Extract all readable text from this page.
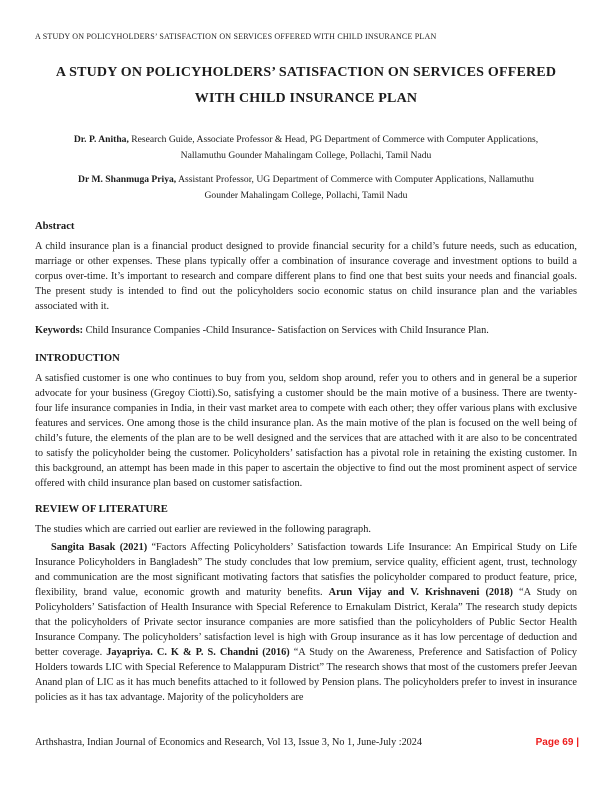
A STUDY ON POLICYHOLDERS’ SATISFACTION ON SERVICES OFFERED WITH CHILD INSURANCE PLAN
A STUDY ON POLICYHOLDERS’ SATISFACTION ON SERVICES OFFERED
WITH CHILD INSURANCE PLAN

Dr. P. Anitha, Research Guide, Associate Professor & Head, PG Department of Commerce with Computer Applications, Nallamuthu Gounder Mahalingam College, Pollachi, Tamil Nadu

Dr M. Shanmuga Priya, Assistant Professor, UG Department of Commerce with Computer Applications, Nallamuthu Gounder Mahalingam College, Pollachi, Tamil Nadu

Abstract

A child insurance plan is a financial product designed to provide financial security for a child’s future needs, such as education, marriage or other expenses. These plans typically offer a combination of insurance coverage and investment options to build a corpus over-time. It’s important to research and compare different plans to find one that best suits your needs and financial goals. The present study is intended to find out the policyholders socio economic status on child insurance plan and the variables associated with it.

Keywords: Child Insurance Companies -Child Insurance- Satisfaction on Services with Child Insurance Plan.

INTRODUCTION

A satisfied customer is one who continues to buy from you, seldom shop around, refer you to others and in general be a superior advocate for your business (Gregoy Ciotti).So, satisfying a customer should be the main motive of a business. There are twenty-four life insurance companies in India, in their vast market area to compete with each other; they offer various plans with exclusive features and services. One among those is the child insurance plan. As the main motive of the plan is focused on the well being of child’s future, the elements of the plan are to be well designed and the services that are attached with it are also to be concentrated to satisfy the policyholder being the customer. Policyholders’ satisfaction has a pivotal role in retaining the existing customer. In this background, an attempt has been made in this paper to ascertain the objective to find out the most prominent aspect of service offered with child insurance plan based on customer satisfaction.

REVIEW OF LITERATURE

The studies which are carried out earlier are reviewed in the following paragraph.

Sangita Basak (2021) “Factors Affecting Policyholders’ Satisfaction towards Life Insurance: An Empirical Study on Life Insurance Policyholders in Bangladesh” The study concludes that low premium, service quality, efficient agent, trust, technology and communication are the most significant motivating factors that satisfies the policyholder compared to product feature, price, flexibility, brand value, economic growth and maturity benefits. Arun Vijay and V. Krishnaveni (2018) “A Study on Policyholders’ Satisfaction of Health Insurance with Special Reference to Ernakulam District, Kerala” The research study depicts that the policyholders of Private sector insurance companies are more satisfied than the policyholders of Public Sector Health Insurance Company. The policyholders’ satisfaction level is high with Group insurance as it has low percentage of deduction and better coverage. Jayapriya. C. K & P. S. Chandni (2016) “A Study on the Awareness, Preference and Satisfaction of Policy Holders towards LIC with Special Reference to Malappuram District” The research shows that most of the customers prefer Jeevan Anand plan of LIC as it has much benefits attached to it followed by Pension plans. The policyholders prefer to invest in insurance policies as it has tax advantage. Majority of the policyholders are

Arthshastra, Indian Journal of Economics and Research, Vol 13, Issue 3, No 1, June-July :2024	Page 69 |
